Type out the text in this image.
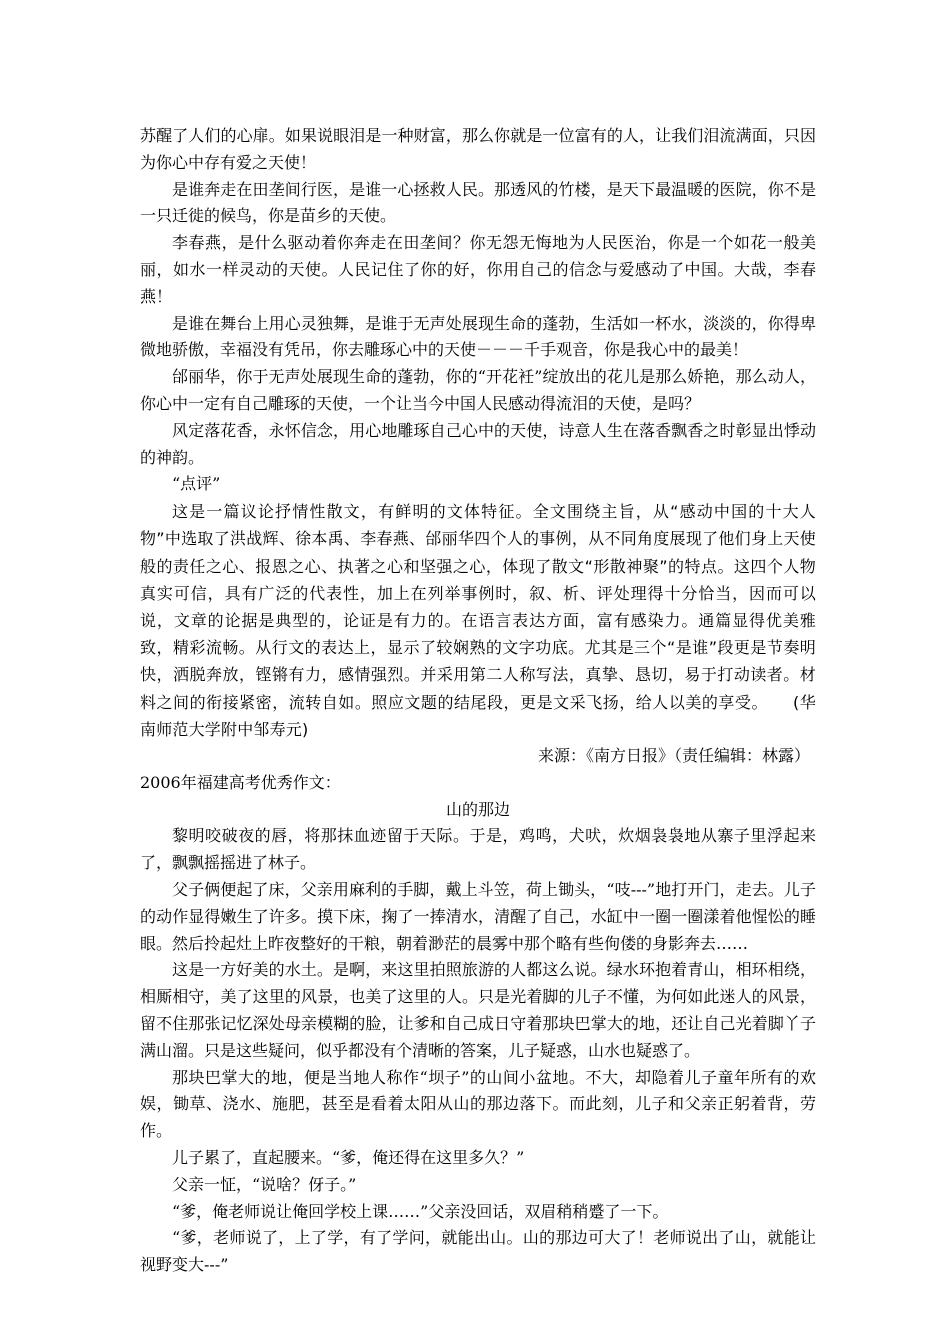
苏醒了人们的心扉。如果说眼泪是一种财富，那么你就是一位富有的人，让我们泪流满面，只因为你心中存有爱之天使！

是谁奔走在田垄间行医，是谁一心拯救人民。那透风的竹楼，是天下最温暖的医院，你不是一只迁徙的候鸟，你是苗乡的天使。

李春燕，是什么驱动着你奔走在田垄间？你无怨无悔地为人民医治，你是一个如花一般美丽，如水一样灵动的天使。人民记住了你的好，你用自己的信念与爱感动了中国。大哉，李春燕！

是谁在舞台上用心灵独舞，是谁于无声处展现生命的蓬勃，生活如一杯水，淡淡的，你得卑微地骄傲，幸福没有凭吊，你去雕琢心中的天使－－－千手观音，你是我心中的最美！

邰丽华，你于无声处展现生命的蓬勃，你的“开花衽”绽放出的花儿是那么娇艳，那么动人，你心中一定有自己雕琢的天使，一个让当今中国人民感动得流泪的天使，是吗？

风定落花香，永怀信念，用心地雕琢自己心中的天使，诗意人生在落香飘香之时彰显出悸动的神韵。

“点评”

这是一篇议论抒情性散文，有鲜明的文体特征。全文围绕主旨，从“感动中国的十大人物”中选取了洪战辉、徐本禹、李春燕、邰丽华四个人的事例，从不同角度展现了他们身上天使般的责任之心、报恩之心、执著之心和坚强之心，体现了散文“形散神聚”的特点。这四个人物真实可信，具有广泛的代表性，加上在列举事例时，叙、析、评处理得十分恰当，因而可以说，文章的论据是典型的，论证是有力的。在语言表达方面，富有感染力。通篇显得优美雅致，精彩流畅。从行文的表达上，显示了较娴熟的文字功底。尤其是三个“是谁”段更是节奏明快，洒脱奔放，铿锵有力，感情强烈。并采用第二人称写法，真挚、恳切，易于打动读者。材料之间的衔接紧密，流转自如。照应文题的结尾段，更是文采飞扬，给人以美的享受。　　(华南师范大学附中邹寿元)

来源：《南方日报》（责任编辑：林露）

2006年福建高考优秀作文：

山的那边

黎明咬破夜的唇，将那抹血迹留于天际。于是，鸡鸣，犬吠，炊烟袅袅地从寨子里浮起来了，飘飘摇摇进了林子。

父子俩便起了床，父亲用麻利的手脚，戴上斗笠，荷上锄头，“吱---”地打开门，走去。儿子的动作显得嫩生了许多。摸下床，掬了一捧清水，清醒了自己，水缸中一圈一圈漾着他惺忪的睡眼。然后拎起灶上昨夜整好的干粮，朝着渺茫的晨雾中那个略有些佝偻的身影奔去……

这是一方好美的水土。是啊，来这里拍照旅游的人都这么说。绿水环抱着青山，相环相绕，相厮相守，美了这里的风景，也美了这里的人。只是光着脚的儿子不懂，为何如此迷人的风景，留不住那张记忆深处母亲模糊的脸，让爹和自己成日守着那块巴掌大的地，还让自己光着脚丫子满山溜。只是这些疑问，似乎都没有个清晰的答案，儿子疑惑，山水也疑惑了。

那块巴掌大的地，便是当地人称作“坝子”的山间小盆地。不大，却隐着儿子童年所有的欢娱，锄草、浇水、施肥，甚至是看着太阳从山的那边落下。而此刻，儿子和父亲正躬着背，劳作。

儿子累了，直起腰来。“爹，俺还得在这里多久？”

父亲一怔，“说啥？伢子。”

“爹，俺老师说让俺回学校上课……”父亲没回话，双眉稍稍蹙了一下。

“爹，老师说了，上了学，有了学问，就能出山。山的那边可大了！老师说出了山，就能让视野变大---”
